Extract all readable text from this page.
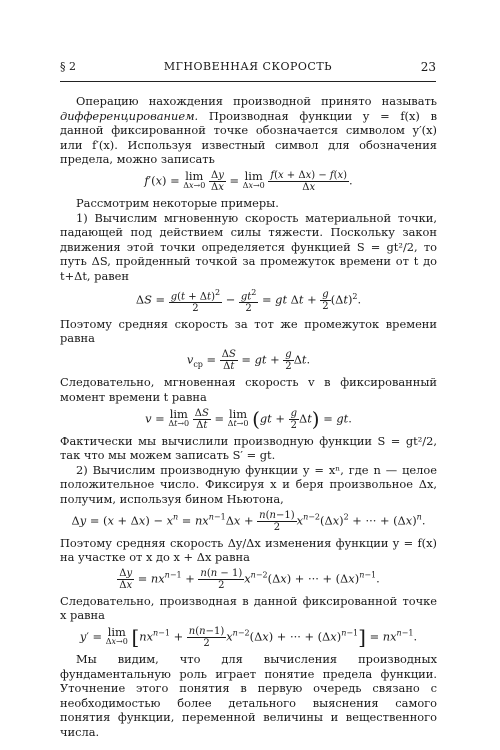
§ 2	МГНОВЕННАЯ СКОРОСТЬ	23

Операцию нахождения производной принято называть дифференцированием. Производная функции y = f(x) в данной фиксированной точке обозначается символом y′(x) или f′(x). Используя известный символ для обозначения предела, можно записать

f′(x) = lim
Δx→0
$\frac{\Delta y}{\Delta x} = \lim$
Δx→0
$\frac{f(x + \Delta x) - f(x)}{\Delta x}$ .

Рассмотрим некоторые примеры.

1) Вычислим мгновенную скорость материальной точки, падающей под действием силы тяжести. Поскольку закон движения этой точки определяется функцией S = gt²/2, то путь ΔS, пройденный точкой за промежуток времени от t до t+Δt, равен

$\Delta S = \frac{g(t + \Delta t)^2}{2} - \frac{gt^2}{2}$ = gt $\Delta t + \frac{g}{2} (\Delta t)^2$.

Поэтому средняя скорость за тот же промежуток времени равна

$v_{ср} = \frac{\Delta S}{\Delta t}$ = gt + $\frac{g}{2} \Delta t$.

Следовательно, мгновенная скорость v в фиксированный момент времени t равна

v = lim
Δt→0
$\frac{\Delta S}{\Delta t} = \lim$
Δt→0 $(gt + \frac{g}{2} \Delta t)$ = gt.

Фактически мы вычислили производную функции S = gt²/2, так что мы можем записать S′ = gt.

2) Вычислим производную функции y = xⁿ, где n — целое положительное число. Фиксируя x и беря произвольное Δx, получим, используя бином Ньютона,

$\Delta y = (x + \Delta x) - x^n = nx^{n-1}\Delta x + \frac{n(n-1)}{2} x^{n-2}(\Delta x)^2$ + ··· + $(\Delta x)^n$.

Поэтому средняя скорость Δy/Δx изменения функции y = f(x) на участке от x до x + Δx равна

$\frac{\Delta y}{\Delta x} = nx^{n-1} + \frac{n(n - 1)}{2} x^{n-2}(\Delta x)$ + ··· + $(\Delta x)^{n-1}$.

Следовательно, производная в данной фиксированной точке x равна

y′ = lim
Δx→0 [$nx^{n-1} + \frac{n(n-1)}{2} x^{n-2}(\Delta x)$ + ··· + $(\Delta x)^{n-1}] = nx^{n-1}$.

Мы видим, что для вычисления производных фундаментальную роль играет понятие предела функции. Уточнение этого понятия в первую очередь связано с необходимостью более детального выяснения самого понятия функции, переменной величины и вещественного числа.
